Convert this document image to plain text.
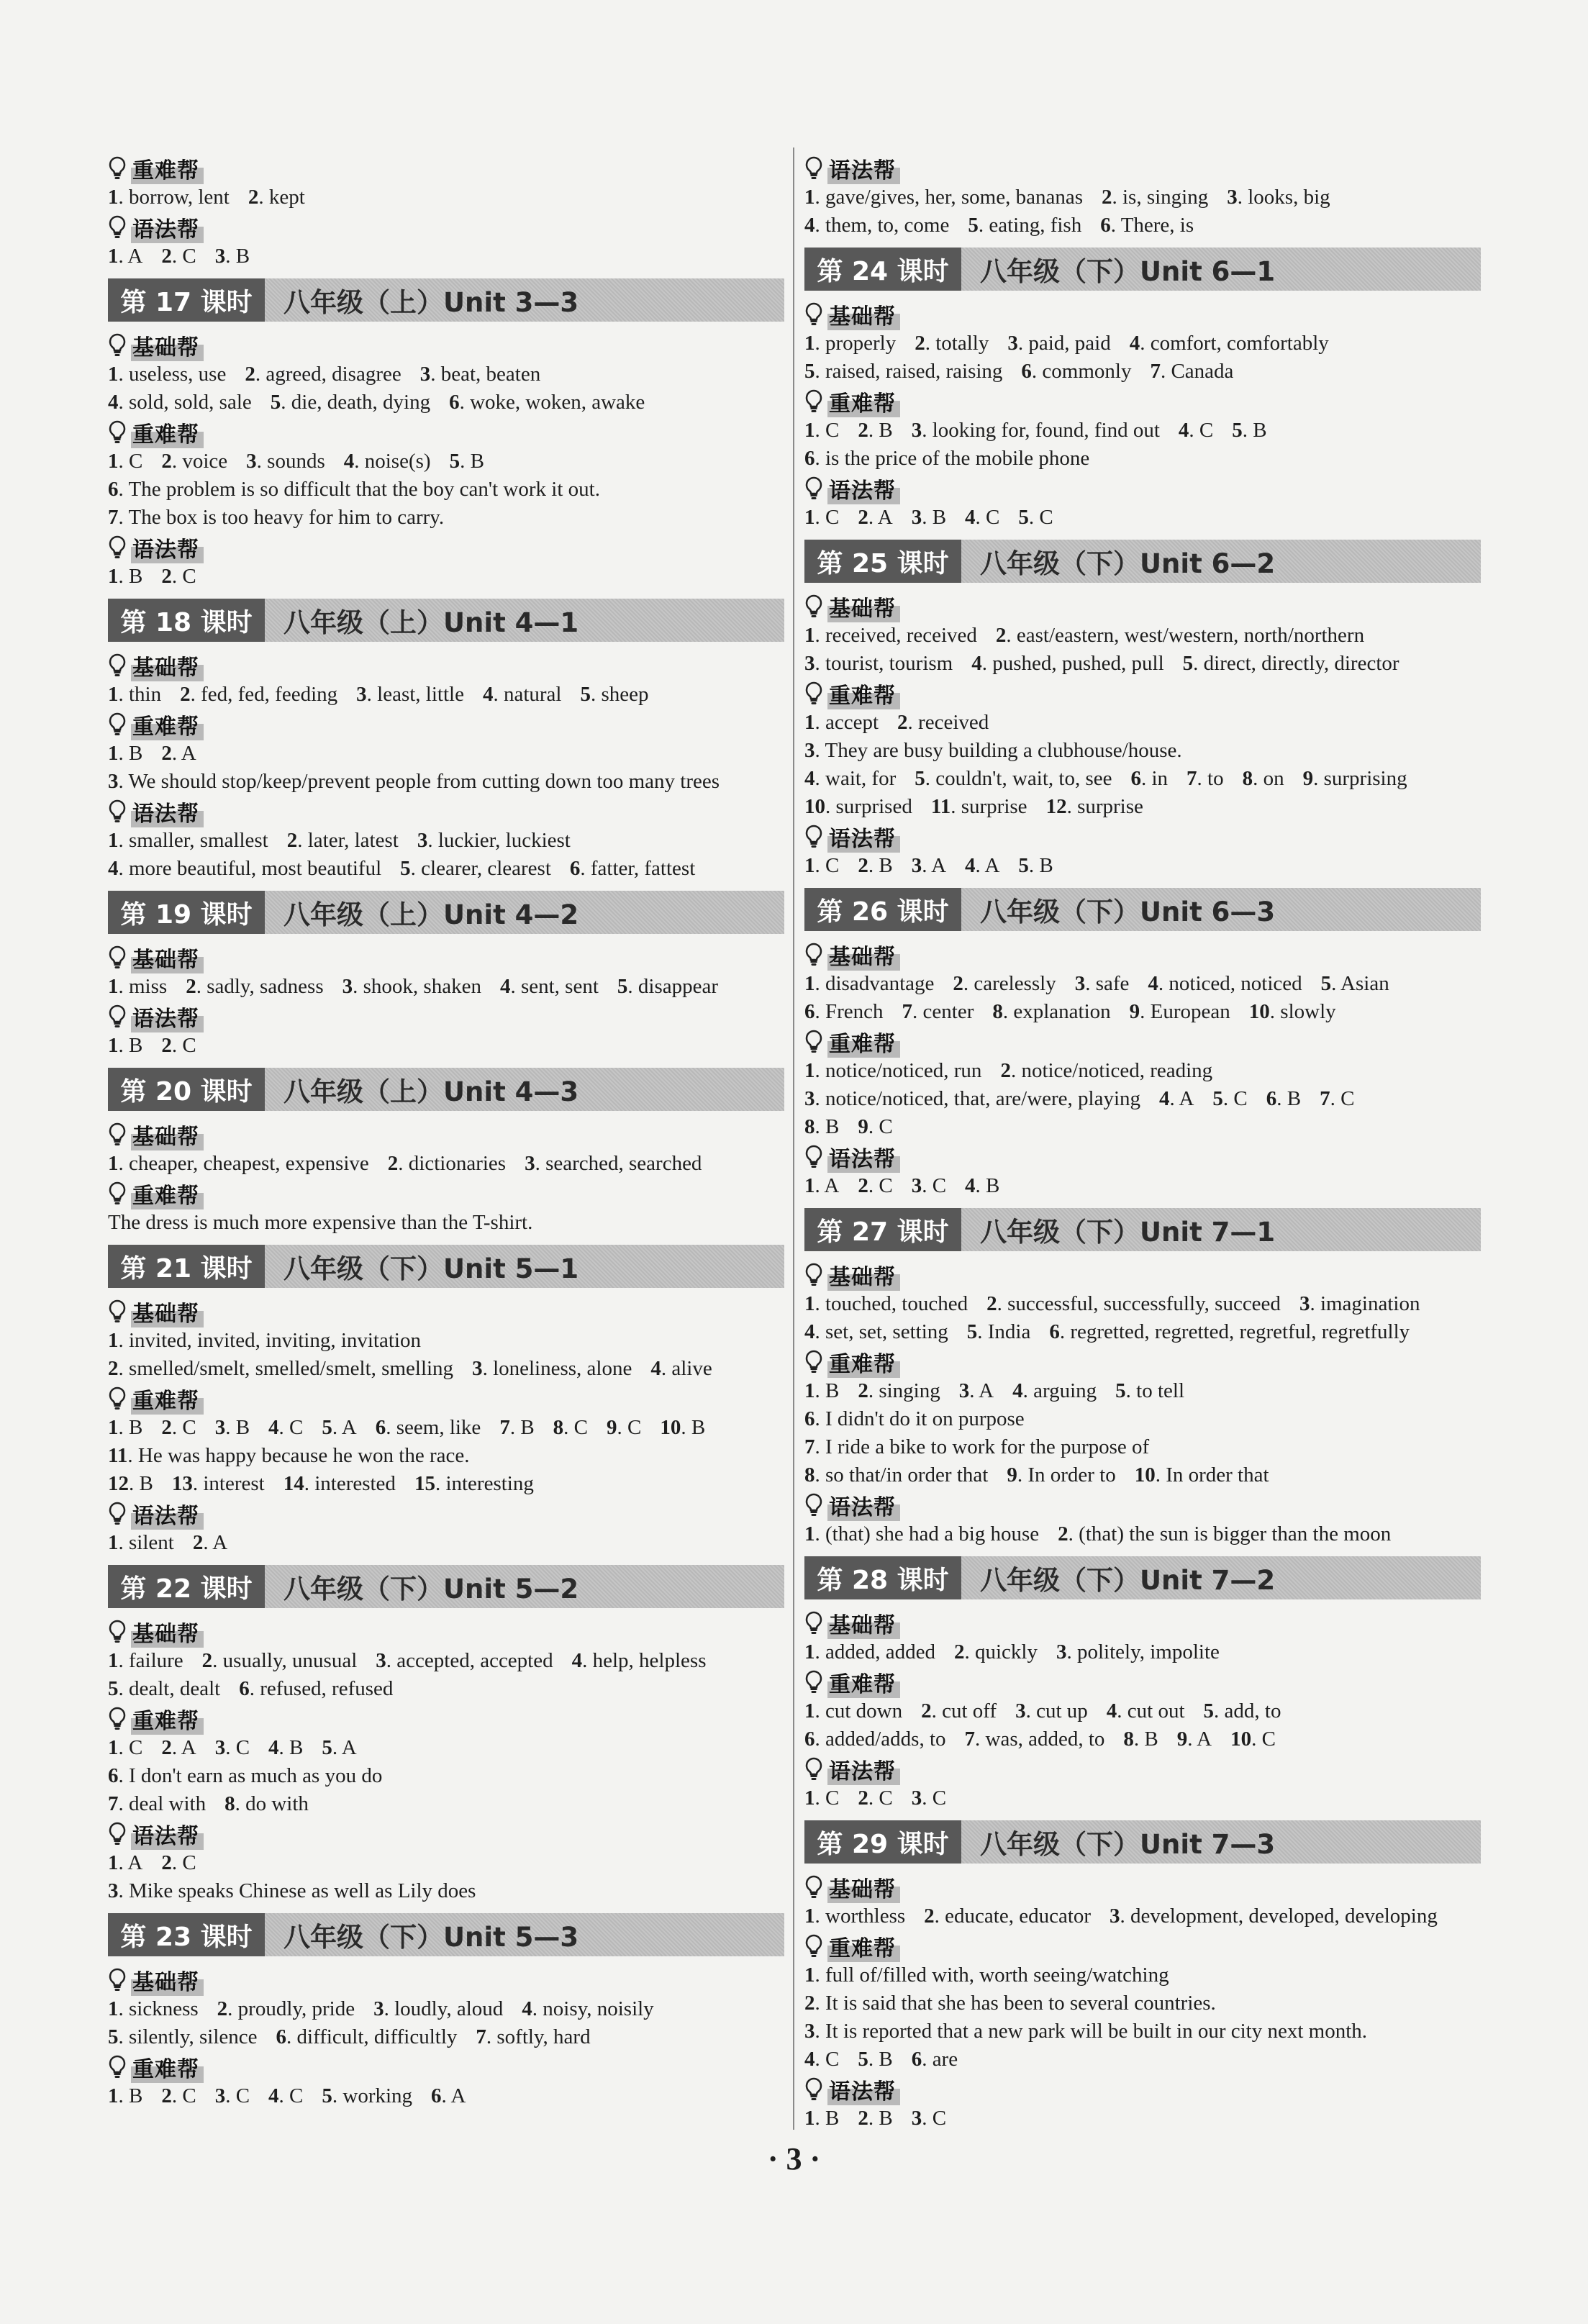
重难帮
1. borrow, lent 2. kept
语法帮
1. A 2. C 3. B
第 17 课时	八年级（上）Unit 3—3
基础帮
1. useless, use 2. agreed, disagree 3. beat, beaten
4. sold, sold, sale 5. die, death, dying 6. woke, woken, awake
重难帮
1. C 2. voice 3. sounds 4. noise(s) 5. B
6. The problem is so difficult that the boy can't work it out.
7. The box is too heavy for him to carry.
语法帮
1. B 2. C
第 18 课时	八年级（上）Unit 4—1
基础帮
1. thin 2. fed, fed, feeding 3. least, little 4. natural 5. sheep
重难帮
1. B 2. A
3. We should stop/keep/prevent people from cutting down too many trees
语法帮
1. smaller, smallest 2. later, latest 3. luckier, luckiest
4. more beautiful, most beautiful 5. clearer, clearest 6. fatter, fattest
第 19 课时	八年级（上）Unit 4—2
基础帮
1. miss 2. sadly, sadness 3. shook, shaken 4. sent, sent 5. disappear
语法帮
1. B 2. C
第 20 课时	八年级（上）Unit 4—3
基础帮
1. cheaper, cheapest, expensive 2. dictionaries 3. searched, searched
重难帮
The dress is much more expensive than the T-shirt.
第 21 课时	八年级（下）Unit 5—1
基础帮
1. invited, invited, inviting, invitation
2. smelled/smelt, smelled/smelt, smelling 3. loneliness, alone 4. alive
重难帮
1. B 2. C 3. B 4. C 5. A 6. seem, like 7. B 8. C 9. C 10. B
11. He was happy because he won the race.
12. B 13. interest 14. interested 15. interesting
语法帮
1. silent 2. A
第 22 课时	八年级（下）Unit 5—2
基础帮
1. failure 2. usually, unusual 3. accepted, accepted 4. help, helpless
5. dealt, dealt 6. refused, refused
重难帮
1. C 2. A 3. C 4. B 5. A
6. I don't earn as much as you do
7. deal with 8. do with
语法帮
1. A 2. C
3. Mike speaks Chinese as well as Lily does
第 23 课时	八年级（下）Unit 5—3
基础帮
1. sickness 2. proudly, pride 3. loudly, aloud 4. noisy, noisily
5. silently, silence 6. difficult, difficultly 7. softly, hard
重难帮
1. B 2. C 3. C 4. C 5. working 6. A
语法帮
1. gave/gives, her, some, bananas 2. is, singing 3. looks, big
4. them, to, come 5. eating, fish 6. There, is
第 24 课时	八年级（下）Unit 6—1
基础帮
1. properly 2. totally 3. paid, paid 4. comfort, comfortably
5. raised, raised, raising 6. commonly 7. Canada
重难帮
1. C 2. B 3. looking for, found, find out 4. C 5. B
6. is the price of the mobile phone
语法帮
1. C 2. A 3. B 4. C 5. C
第 25 课时	八年级（下）Unit 6—2
基础帮
1. received, received 2. east/eastern, west/western, north/northern
3. tourist, tourism 4. pushed, pushed, pull 5. direct, directly, director
重难帮
1. accept 2. received
3. They are busy building a clubhouse/house.
4. wait, for 5. couldn't, wait, to, see 6. in 7. to 8. on 9. surprising
10. surprised 11. surprise 12. surprise
语法帮
1. C 2. B 3. A 4. A 5. B
第 26 课时	八年级（下）Unit 6—3
基础帮
1. disadvantage 2. carelessly 3. safe 4. noticed, noticed 5. Asian
6. French 7. center 8. explanation 9. European 10. slowly
重难帮
1. notice/noticed, run 2. notice/noticed, reading
3. notice/noticed, that, are/were, playing 4. A 5. C 6. B 7. C
8. B 9. C
语法帮
1. A 2. C 3. C 4. B
第 27 课时	八年级（下）Unit 7—1
基础帮
1. touched, touched 2. successful, successfully, succeed 3. imagination
4. set, set, setting 5. India 6. regretted, regretted, regretful, regretfully
重难帮
1. B 2. singing 3. A 4. arguing 5. to tell
6. I didn't do it on purpose
7. I ride a bike to work for the purpose of
8. so that/in order that 9. In order to 10. In order that
语法帮
1. (that) she had a big house 2. (that) the sun is bigger than the moon
第 28 课时	八年级（下）Unit 7—2
基础帮
1. added, added 2. quickly 3. politely, impolite
重难帮
1. cut down 2. cut off 3. cut up 4. cut out 5. add, to
6. added/adds, to 7. was, added, to 8. B 9. A 10. C
语法帮
1. C 2. C 3. C
第 29 课时	八年级（下）Unit 7—3
基础帮
1. worthless 2. educate, educator 3. development, developed, developing
重难帮
1. full of/filled with, worth seeing/watching
2. It is said that she has been to several countries.
3. It is reported that a new park will be built in our city next month.
4. C 5. B 6. are
语法帮
1. B 2. B 3. C
· 3 ·
